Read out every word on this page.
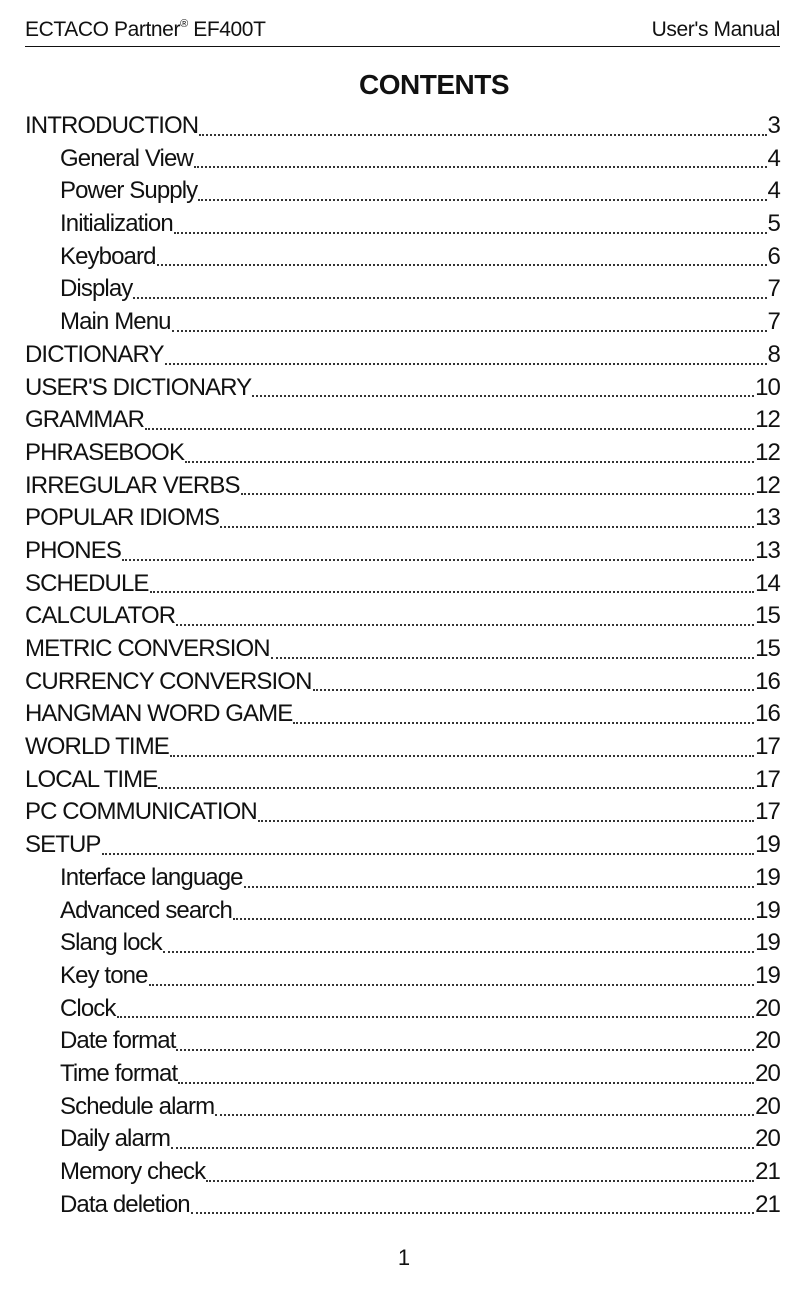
ECTACO Partner® EF400T	User's Manual
CONTENTS
INTRODUCTION	3
General View	4
Power Supply	4
Initialization	5
Keyboard	6
Display	7
Main Menu	7
DICTIONARY	8
USER'S DICTIONARY	10
GRAMMAR	12
PHRASEBOOK	12
IRREGULAR VERBS	12
POPULAR IDIOMS	13
PHONES	13
SCHEDULE	14
CALCULATOR	15
METRIC CONVERSION	15
CURRENCY CONVERSION	16
HANGMAN WORD GAME	16
WORLD TIME	17
LOCAL TIME	17
PC COMMUNICATION	17
SETUP	19
Interface language	19
Advanced search	19
Slang lock	19
Key tone	19
Clock	20
Date format	20
Time format	20
Schedule alarm	20
Daily alarm	20
Memory check	21
Data deletion	21
1
